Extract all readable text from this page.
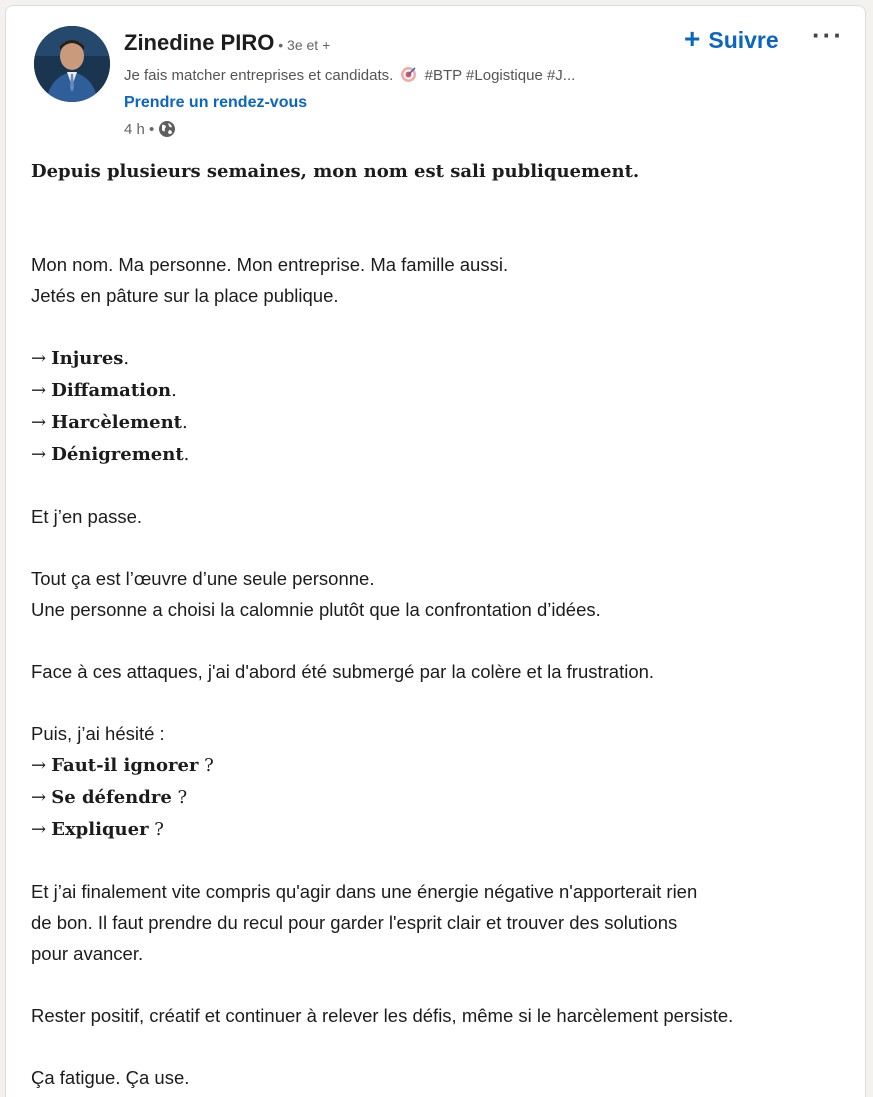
Zinedine PIRO • 3e et +
Je fais matcher entreprises et candidats. #BTP #Logistique #J...
Prendre un rendez-vous
4 h •
+ Suivre ···

Depuis plusieurs semaines, mon nom est sali publiquement.

Mon nom. Ma personne. Mon entreprise. Ma famille aussi.

Jetés en pâture sur la place publique.

→ Injures.

→ Diffamation.

→ Harcèlement.

→ Dénigrement.

Et j’en passe.

Tout ça est l’œuvre d’une seule personne.

Une personne a choisi la calomnie plutôt que la confrontation d’idées.

Face à ces attaques, j'ai d'abord été submergé par la colère et la frustration.

Puis, j’ai hésité :

→ Faut-il ignorer ?

→ Se défendre ?

→ Expliquer ?

Et j’ai finalement vite compris qu'agir dans une énergie négative n'apporterait rien

de bon. Il faut prendre du recul pour garder l'esprit clair et trouver des solutions

pour avancer.

Rester positif, créatif et continuer à relever les défis, même si le harcèlement persiste.

Ça fatigue. Ça use.
